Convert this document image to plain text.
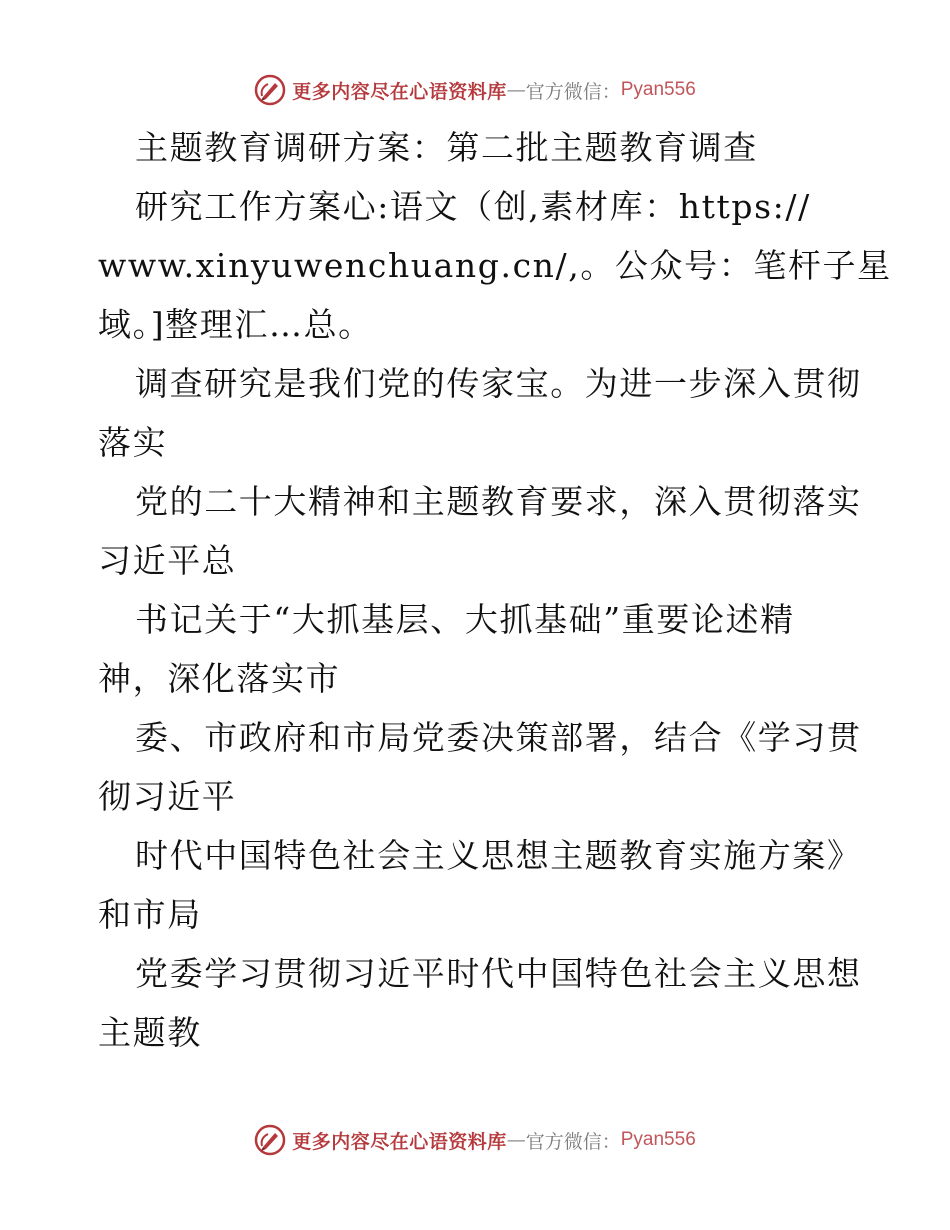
更多内容尽在心语资料库 — 官方微信： Pyan556
主题教育调研方案：第二批主题教育调查
研究工作方案心:语文（创,素材库：https://
www.xinyuwenchuang.cn/,。公众号：笔杆子星
域。]整理汇…总。
调查研究是我们党的传家宝。为进一步深入贯彻
落实
党的二十大精神和主题教育要求，深入贯彻落实
习近平总
书记关于“大抓基层、大抓基础”重要论述精
神，深化落实市
委、市政府和市局党委决策部署，结合《学习贯
彻习近平
时代中国特色社会主义思想主题教育实施方案》
和市局
党委学习贯彻习近平时代中国特色社会主义思想
主题教
更多内容尽在心语资料库 — 官方微信： Pyan556
